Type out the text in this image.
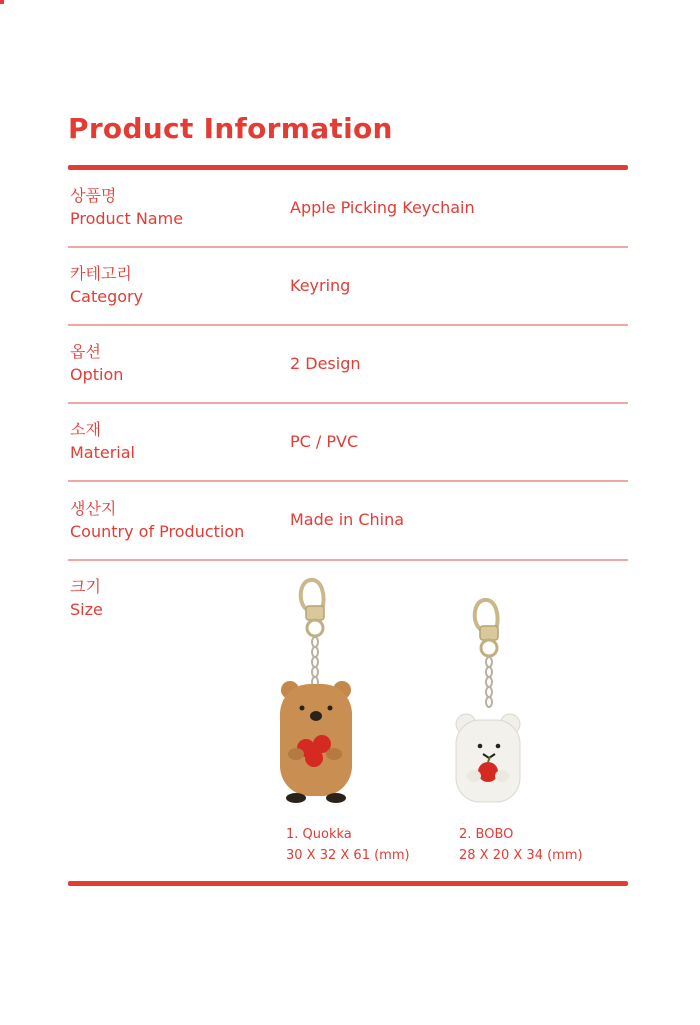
Product Information
상품명
Product Name
Apple Picking Keychain
카테고리
Category
Keyring
옵션
Option
2 Design
소재
Material
PC / PVC
생산지
Country of Production
Made in China
크기
Size
1. Quokka
30 X 32 X 61 (mm)
2. BOBO
28 X 20 X 34 (mm)
